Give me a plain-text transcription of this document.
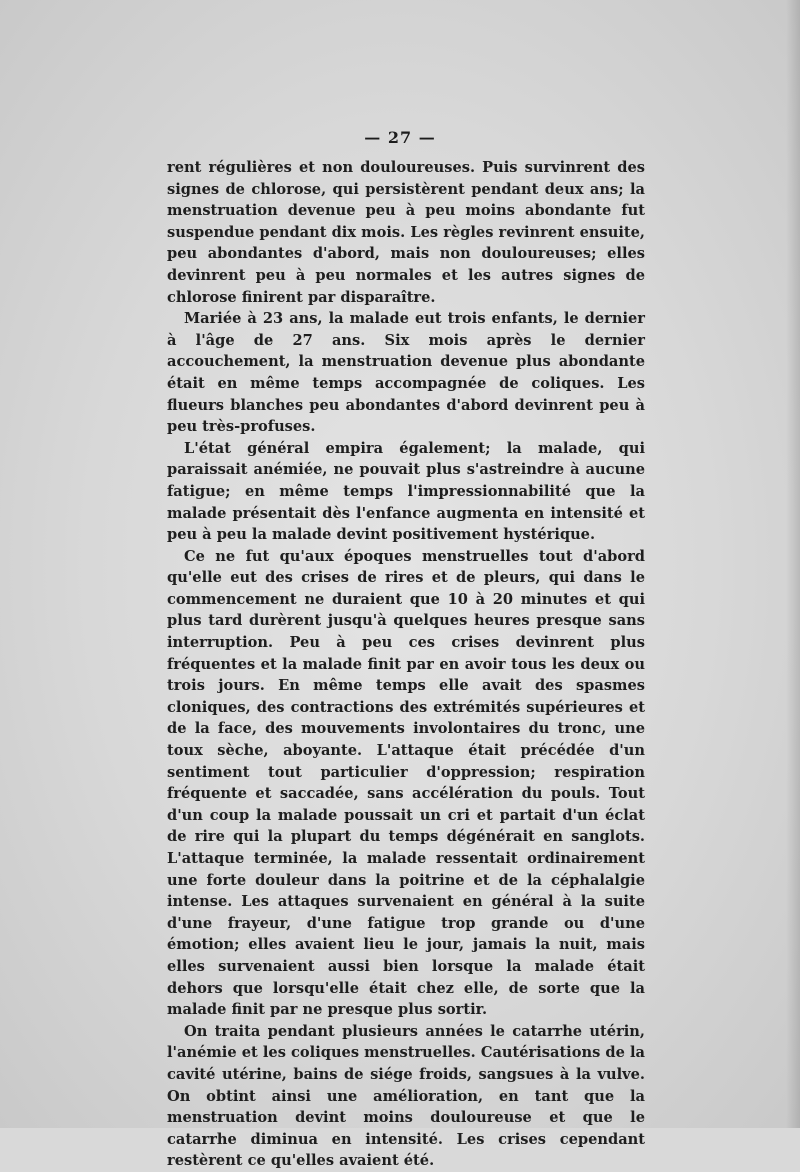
— 27 —

rent régulières et non douloureuses. Puis survinrent des signes de chlorose, qui persistèrent pendant deux ans; la menstruation devenue peu à peu moins abondante fut suspendue pendant dix mois. Les règles revinrent ensuite, peu abondantes d'abord, mais non douloureuses; elles devinrent peu à peu normales et les autres signes de chlorose finirent par disparaître.

Mariée à 23 ans, la malade eut trois enfants, le dernier à l'âge de 27 ans. Six mois après le dernier accouchement, la menstruation devenue plus abondante était en même temps accompagnée de coliques. Les flueurs blanches peu abondantes d'abord devinrent peu à peu très-profuses.

L'état général empira également; la malade, qui paraissait anémiée, ne pouvait plus s'astreindre à aucune fatigue; en même temps l'impressionnabilité que la malade présentait dès l'enfance augmenta en intensité et peu à peu la malade devint positivement hystérique.

Ce ne fut qu'aux époques menstruelles tout d'abord qu'elle eut des crises de rires et de pleurs, qui dans le commencement ne duraient que 10 à 20 minutes et qui plus tard durèrent jusqu'à quelques heures presque sans interruption. Peu à peu ces crises devinrent plus fréquentes et la malade finit par en avoir tous les deux ou trois jours. En même temps elle avait des spasmes cloniques, des contractions des extrémités supérieures et de la face, des mouvements involontaires du tronc, une toux sèche, aboyante. L'attaque était précédée d'un sentiment tout particulier d'oppression; respiration fréquente et saccadée, sans accélération du pouls. Tout d'un coup la malade poussait un cri et partait d'un éclat de rire qui la plupart du temps dégénérait en sanglots. L'attaque terminée, la malade ressentait ordinairement une forte douleur dans la poitrine et de la céphalalgie intense. Les attaques survenaient en général à la suite d'une frayeur, d'une fatigue trop grande ou d'une émotion; elles avaient lieu le jour, jamais la nuit, mais elles survenaient aussi bien lorsque la malade était dehors que lorsqu'elle était chez elle, de sorte que la malade finit par ne presque plus sortir.

On traita pendant plusieurs années le catarrhe utérin, l'anémie et les coliques menstruelles. Cautérisations de la cavité utérine, bains de siége froids, sangsues à la vulve. On obtint ainsi une amélioration, en tant que la menstruation devint moins douloureuse et que le catarrhe diminua en intensité. Les crises cependant restèrent ce qu'elles avaient été.
